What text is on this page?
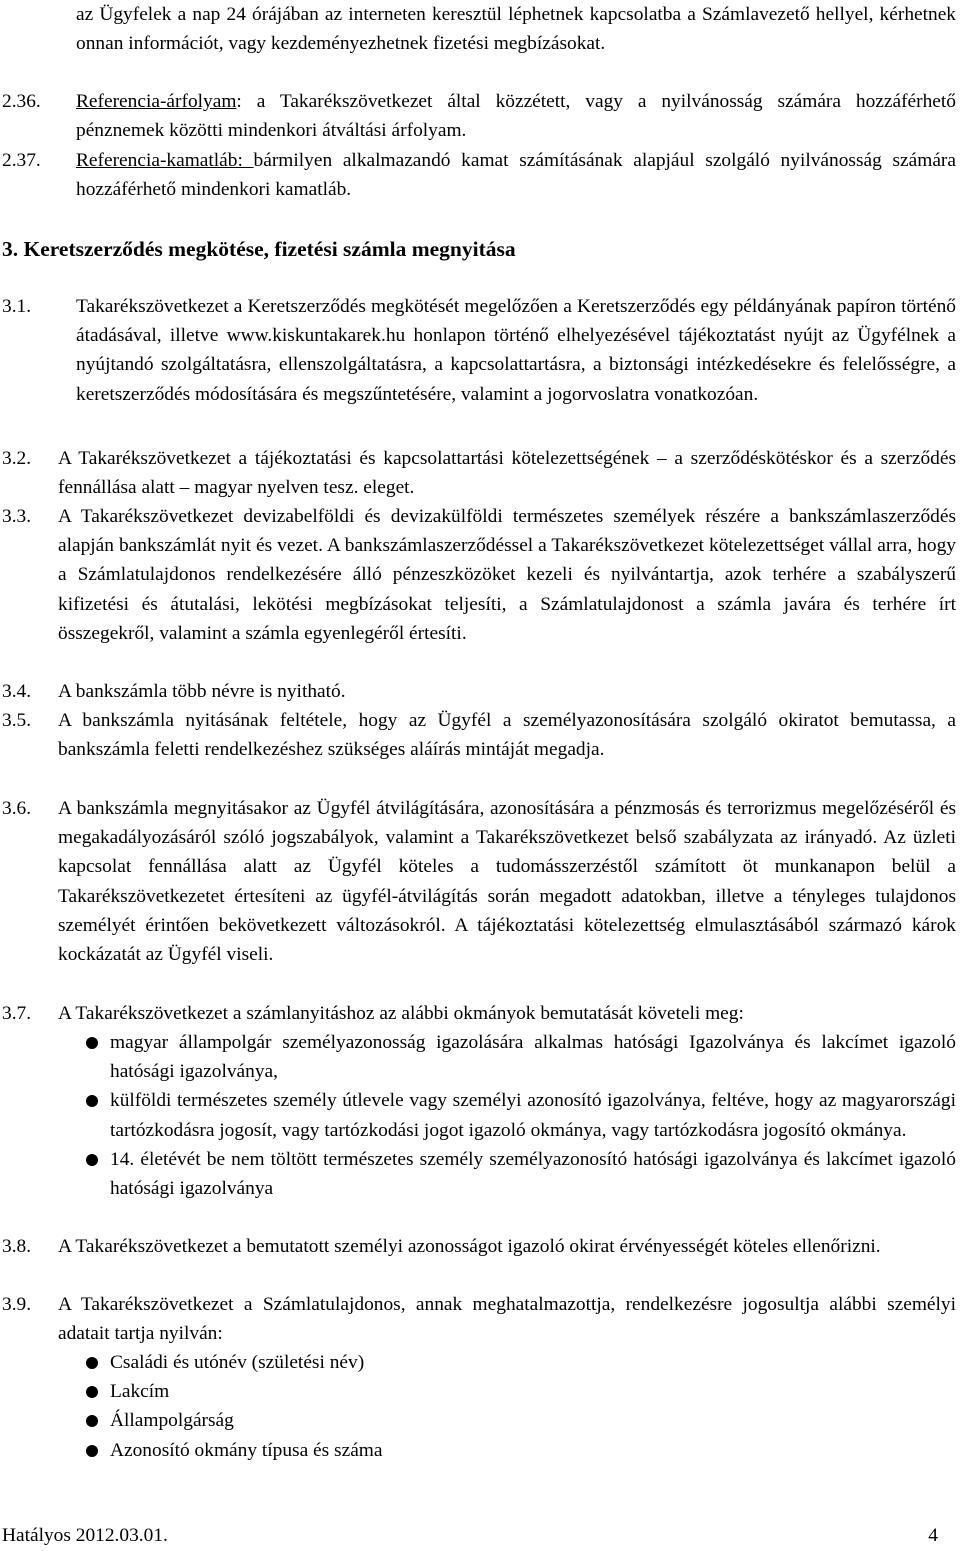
az Ügyfelek a nap 24 órájában az interneten keresztül léphetnek kapcsolatba a Számlavezető hellyel, kérhetnek onnan információt, vagy kezdeményezhetnek fizetési megbízásokat.
2.36. Referencia-árfolyam: a Takarékszövetkezet által közzétett, vagy a nyilvánosság számára hozzáférhető pénznemek közötti mindenkori átváltási árfolyam.
2.37. Referencia-kamatláb: bármilyen alkalmazandó kamat számításának alapjául szolgáló nyilvánosság számára hozzáférhető mindenkori kamatláb.
3. Keretszerződés megkötése, fizetési számla megnyitása
3.1. Takarékszövetkezet a Keretszerződés megkötését megelőzően a Keretszerződés egy példányának papíron történő átadásával, illetve www.kiskuntakarek.hu honlapon történő elhelyezésével tájékoztatást nyújt az Ügyfélnek a nyújtandó szolgáltatásra, ellenszolgáltatásra, a kapcsolattartásra, a biztonsági intézkedésekre és felelősségre, a keretszerződés módosítására és megszűntetésére, valamint a jogorvoslatra vonatkozóan.
3.2.	A Takarékszövetkezet a tájékoztatási és kapcsolattartási kötelezettségének – a szerződéskötéskor és a szerződés fennállása alatt – magyar nyelven tesz. eleget.
3.3.	A Takarékszövetkezet devizabelföldi és devizakülföldi természetes személyek részére a bankszámlaszerződés alapján bankszámlát nyit és vezet. A bankszámlaszerződéssel a Takarékszövetkezet kötelezettséget vállal arra, hogy a Számlatulajdonos rendelkezésére álló pénzeszközöket kezeli és nyilvántartja, azok terhére a szabályszerű kifizetési és átutalási, lekötési megbízásokat teljesíti, a Számlatulajdonost a számla javára és terhére írt összegekről, valamint a számla egyenlegéről értesíti.
3.4.	A bankszámla több névre is nyitható.
3.5.	A bankszámla nyitásának feltétele, hogy az Ügyfél a személyazonosítására szolgáló okiratot bemutassa, a bankszámla feletti rendelkezéshez szükséges aláírás mintáját megadja.
3.6.	A bankszámla megnyitásakor az Ügyfél átvilágítására, azonosítására a pénzmosás és terrorizmus megelőzéséről és megakadályozásáról szóló jogszabályok, valamint a Takarékszövetkezet belső szabályzata az irányadó. Az üzleti kapcsolat fennállása alatt az Ügyfél köteles a tudomásszerzéstől számított öt munkanapon belül a Takarékszövetkezetet értesíteni az ügyfél-átvilágítás során megadott adatokban, illetve a tényleges tulajdonos személyét érintően bekövetkezett változásokról. A tájékoztatási kötelezettség elmulasztásából származó károk kockázatát az Ügyfél viseli.
3.7.	A Takarékszövetkezet a számlanyitáshoz az alábbi okmányok bemutatását követeli meg:
magyar állampolgár személyazonosság igazolására alkalmas hatósági Igazolványa és lakcímet igazoló hatósági igazolványa,
külföldi természetes személy útlevele vagy személyi azonosító igazolványa, feltéve, hogy az magyarországi tartózkodásra jogosít, vagy tartózkodási jogot igazoló okmánya, vagy tartózkodásra jogosító okmánya.
14. életévét be nem töltött természetes személy személyazonosító hatósági igazolványa és lakcímet igazoló hatósági igazolványa
3.8.	A Takarékszövetkezet a bemutatott személyi azonosságot igazoló okirat érvényességét köteles ellenőrizni.
3.9.	A Takarékszövetkezet a Számlatulajdonos, annak meghatalmazottja, rendelkezésre jogosultja alábbi személyi adatait tartja nyilván:
Családi és utónév (születési név)
Lakcím
Állampolgárság
Azonosító okmány típusa és száma
Hatályos 2012.03.01.	4
